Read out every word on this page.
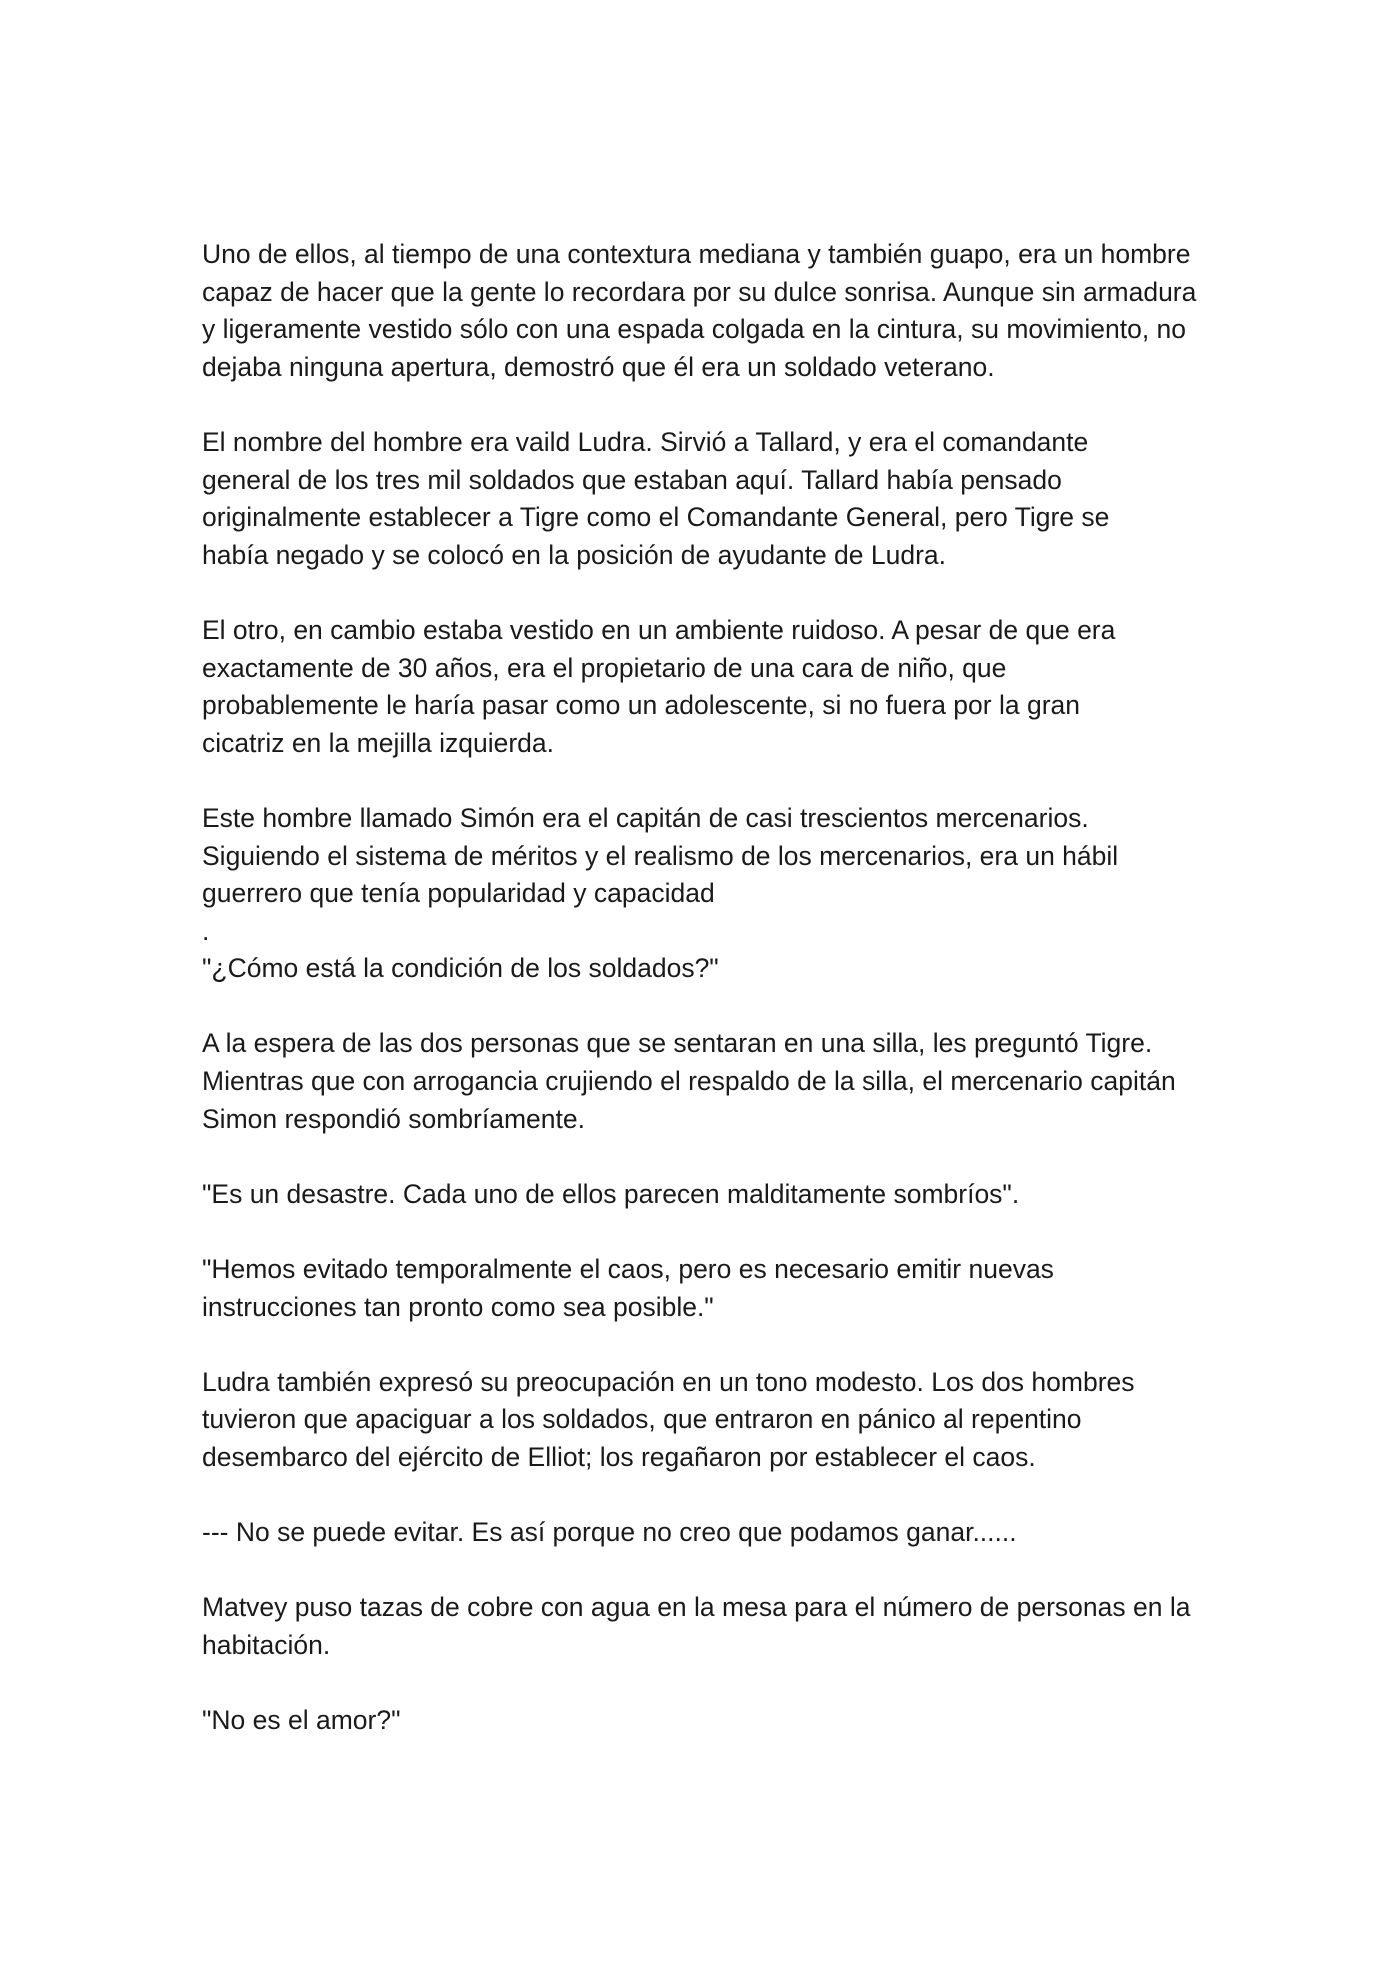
Uno de ellos, al tiempo de una contextura mediana y también guapo, era un hombre capaz de hacer que la gente lo recordara por su dulce sonrisa. Aunque sin armadura y ligeramente vestido sólo con una espada colgada en la cintura, su movimiento, no dejaba ninguna apertura, demostró que él era un soldado veterano.

El nombre del hombre era vaild Ludra. Sirvió a Tallard, y era el comandante general de los tres mil soldados que estaban aquí. Tallard había pensado originalmente establecer a Tigre como el Comandante General, pero Tigre se había negado y se colocó en la posición de ayudante de Ludra.

El otro, en cambio estaba vestido en un ambiente ruidoso. A pesar de que era exactamente de 30 años, era el propietario de una cara de niño, que probablemente le haría pasar como un adolescente, si no fuera por la gran cicatriz en la mejilla izquierda.

Este hombre llamado Simón era el capitán de casi trescientos mercenarios. Siguiendo el sistema de méritos y el realismo de los mercenarios, era un hábil guerrero que tenía popularidad y capacidad

.

"¿Cómo está la condición de los soldados?"

A la espera de las dos personas que se sentaran en una silla, les preguntó Tigre. Mientras que con arrogancia crujiendo el respaldo de la silla, el mercenario capitán Simon respondió sombríamente.

"Es un desastre. Cada uno de ellos parecen malditamente sombríos".

"Hemos evitado temporalmente el caos, pero es necesario emitir nuevas instrucciones tan pronto como sea posible."

Ludra también expresó su preocupación en un tono modesto. Los dos hombres tuvieron que apaciguar a los soldados, que entraron en pánico al repentino desembarco del ejército de Elliot; los regañaron por establecer el caos.

--- No se puede evitar. Es así porque no creo que podamos ganar......

Matvey puso tazas de cobre con agua en la mesa para el número de personas en la habitación.

"No es el amor?"
